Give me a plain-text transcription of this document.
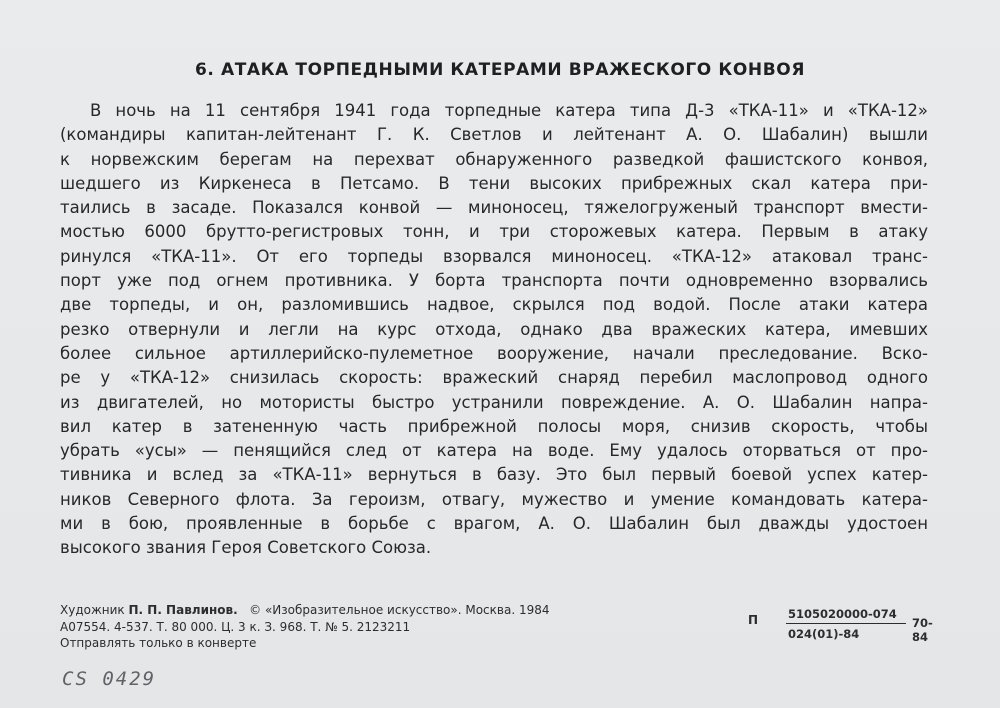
6. АТАКА ТОРПЕДНЫМИ КАТЕРАМИ ВРАЖЕСКОГО КОНВОЯ
В ночь на 11 сентября 1941 года торпедные катера типа Д-3 «ТКА-11» и «ТКА-12»
(командиры капитан-лейтенант Г. К. Светлов и лейтенант А. О. Шабалин) вышли
к норвежским берегам на перехват обнаруженного разведкой фашистского конвоя,
шедшего из Киркенеса в Петсамо. В тени высоких прибрежных скал катера при-
таились в засаде. Показался конвой — миноносец, тяжелогруженый транспорт вмести-
мостью 6000 брутто-регистровых тонн, и три сторожевых катера. Первым в атаку
ринулся «ТКА-11». От его торпеды взорвался миноносец. «ТКА-12» атаковал транс-
порт уже под огнем противника. У борта транспорта почти одновременно взорвались
две торпеды, и он, разломившись надвое, скрылся под водой. После атаки катера
резко отвернули и легли на курс отхода, однако два вражеских катера, имевших
более сильное артиллерийско-пулеметное вооружение, начали преследование. Вско-
ре у «ТКА-12» снизилась скорость: вражеский снаряд перебил маслопровод одного
из двигателей, но мотористы быстро устранили повреждение. А. О. Шабалин напра-
вил катер в затененную часть прибрежной полосы моря, снизив скорость, чтобы
убрать «усы» — пенящийся след от катера на воде. Ему удалось оторваться от про-
тивника и вслед за «ТКА-11» вернуться в базу. Это был первый боевой успех катер-
ников Северного флота. За героизм, отвагу, мужество и умение командовать катера-
ми в бою, проявленные в борьбе с врагом, А. О. Шабалин был дважды удостоен
высокого звания Героя Советского Союза.
Художник П. П. Павлинов. © «Изобразительное искусство». Москва. 1984
А07554. 4-537. Т. 80 000. Ц. 3 к. З. 968. Т. № 5. 2123211
Отправлять только в конверте
П	5105020000-074
024(01)-84
70-84
CS 0429
